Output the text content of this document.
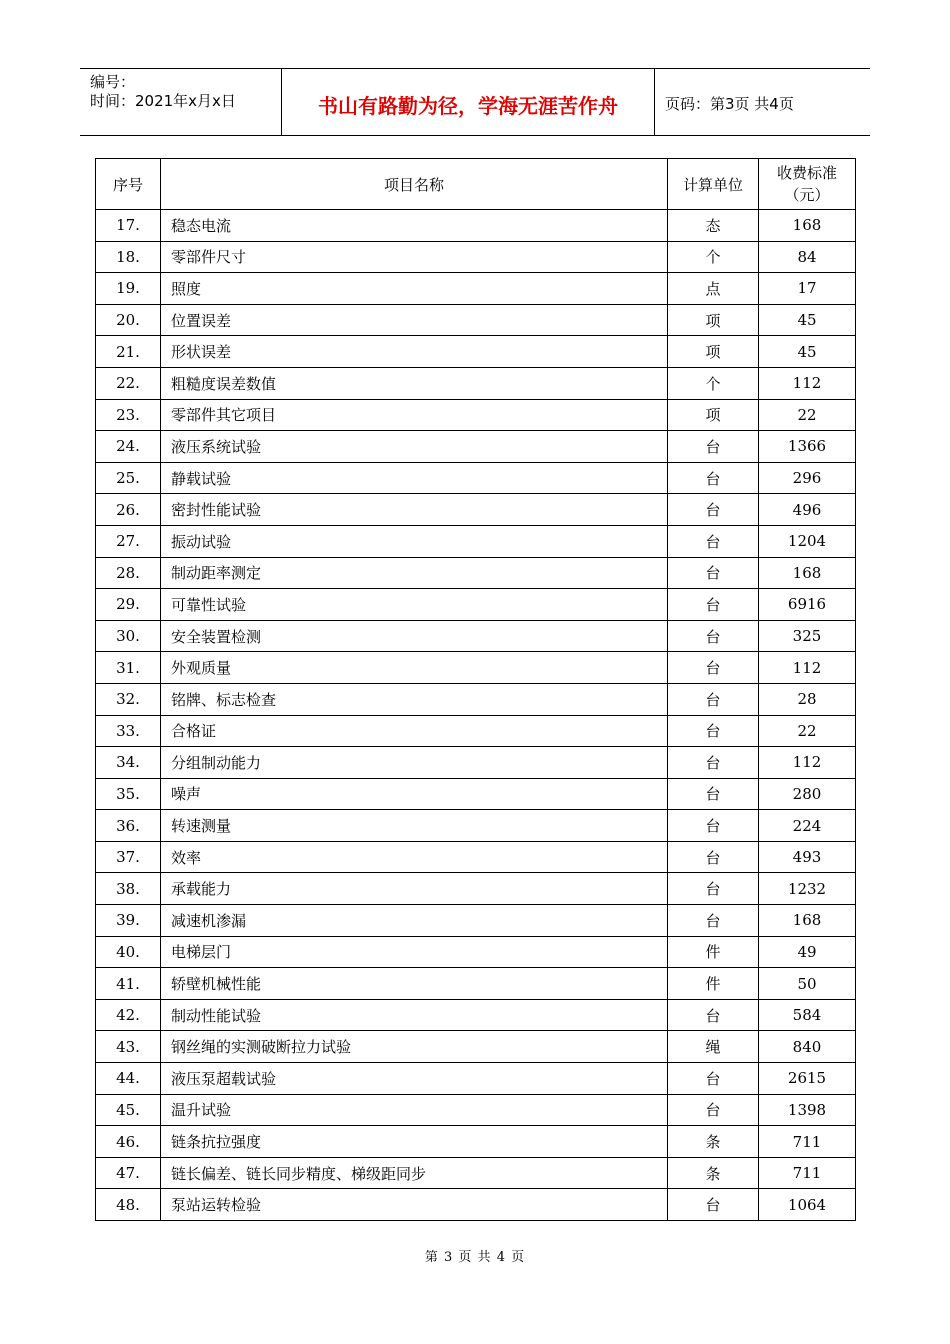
编号：
时间：2021年x月x日	书山有路勤为径，学海无涯苦作舟	页码：第3页 共4页
序号	项目名称	计算单位	收费标准
（元）

17.	稳态电流	态	168
18.	零部件尺寸	个	84
19.	照度	点	17
20.	位置误差	项	45
21.	形状误差	项	45
22.	粗糙度误差数值	个	112
23.	零部件其它项目	项	22
24.	液压系统试验	台	1366
25.	静载试验	台	296
26.	密封性能试验	台	496
27.	振动试验	台	1204
28.	制动距率测定	台	168
29.	可靠性试验	台	6916
30.	安全装置检测	台	325
31.	外观质量	台	112
32.	铭牌、标志检查	台	28
33.	合格证	台	22
34.	分组制动能力	台	112
35.	噪声	台	280
36.	转速测量	台	224
37.	效率	台	493
38.	承载能力	台	1232
39.	减速机渗漏	台	168
40.	电梯层门	件	49
41.	轿壁机械性能	件	50
42.	制动性能试验	台	584
43.	钢丝绳的实测破断拉力试验	绳	840
44.	液压泵超载试验	台	2615
45.	温升试验	台	1398
46.	链条抗拉强度	条	711
47.	链长偏差、链长同步精度、梯级距同步	条	711
48.	泵站运转检验	台	1064
第 3 页 共 4 页
